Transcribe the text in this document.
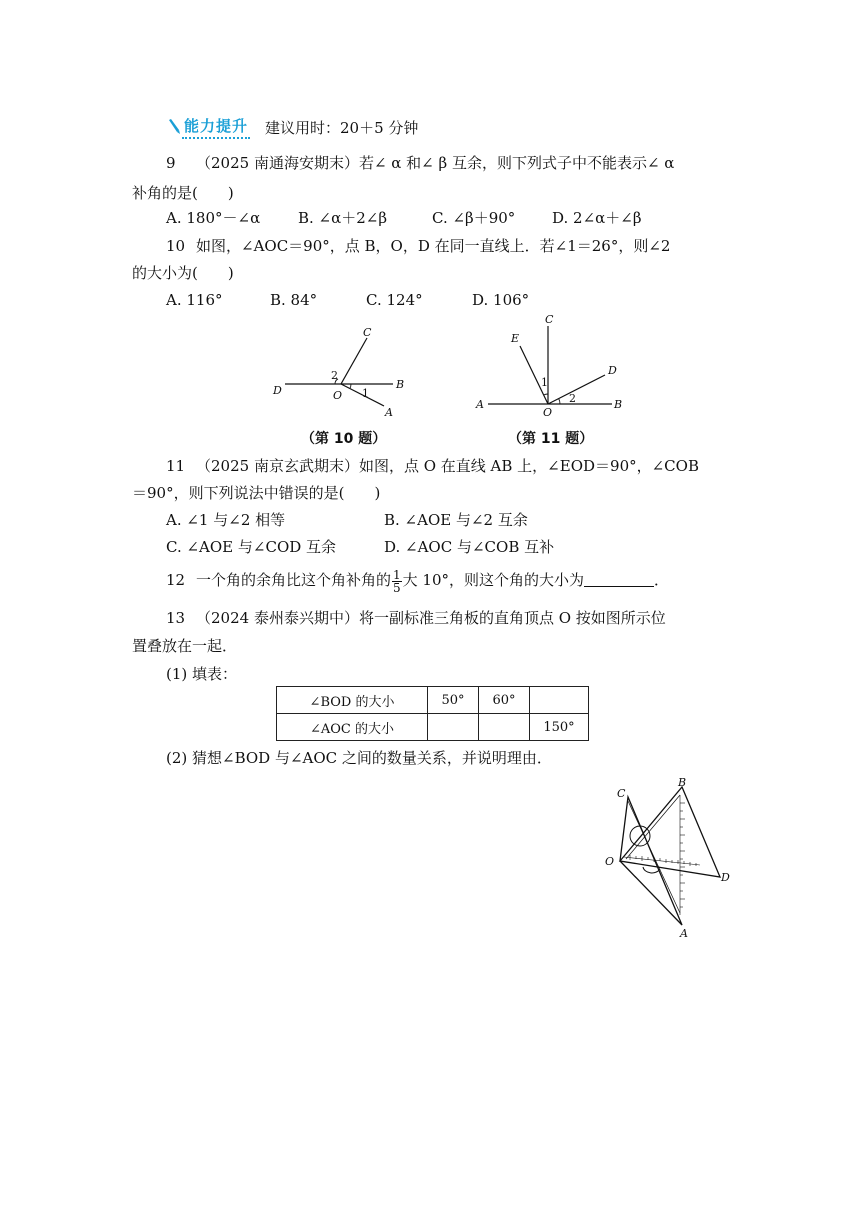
能力提升 建议用时：20＋5 分钟
9 （2025 南通海安期末）若∠ α 和∠ β 互余，则下列式子中不能表示∠ α
补角的是(　　)
A. 180°－∠α	B. ∠α＋2∠β	C. ∠β＋90° D. 2∠α＋∠β
10 如图，∠AOC＝90°，点 B，O，D 在同一直线上．若∠1＝26°，则∠2
的大小为(　　)
A. 116°	B. 84°	C. 124°	D. 106°
C
D	O
B
A
1
2
（第 10 题）
C
E
D
A
O
B
1
2
（第 11 题）
11 （2025 南京玄武期末）如图，点 O 在直线 AB 上，∠EOD＝90°，∠COB
＝90°，则下列说法中错误的是(　　)
A. ∠1 与∠2 相等	B. ∠AOE 与∠2 互余
C. ∠AOE 与∠COD 互余	D. ∠AOC 与∠COB 互补
12 一个角的余角比这个角补角的 $\frac{1}{5}$ 大 10°，则这个角的大小为	．
13 （2024 泰州泰兴期中）将一副标准三角板的直角顶点 O 按如图所示位
置叠放在一起．
(1) 填表：
∠BOD 的大小	50°	60°	
∠AOC 的大小			150°
(2) 猜想∠BOD 与∠AOC 之间的数量关系，并说明理由．
C
B
O
D
A
